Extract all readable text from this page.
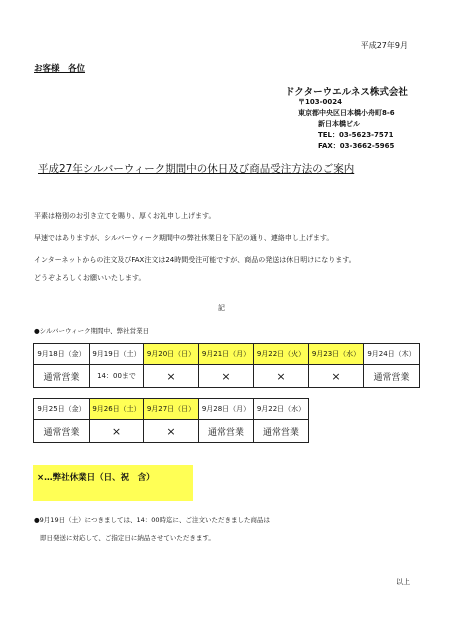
平成27年9月
お客様　各位
ドクターウエルネス株式会社
〒103-0024
東京都中央区日本橋小舟町8-6
新日本橋ビル
TEL：03-5623-7571
FAX：03-3662-5965
平成27年シルバーウィーク期間中の休日及び商品受注方法のご案内
平素は格別のお引き立てを賜り、厚くお礼申し上げます。
早速ではありますが、シルバーウィーク期間中の弊社休業日を下記の通り、連絡申し上げます。
インターネットからの注文及びFAX注文は24時間受注可能ですが、商品の発送は休日明けになります。
どうぞよろしくお願いいたします。
記
●シルバーウィーク期間中、弊社営業日
9月18日（金）	9月19日（土）	9月20日（日）	9月21日（月）	9月22日（火）	9月23日（水）	9月24日（木）
通常営業	14：00まで	×	×	×	×	通常営業
9月25日（金）	9月26日（土）	9月27日（日）	9月28日（月）	9月22日（水）
通常営業	×	×	通常営業	通常営業
×…弊社休業日（日、祝　含）
●9月19日（土）につきましては、14：00時迄に、ご注文いただきました商品は
即日発送に対応して、ご指定日に納品させていただきます。
以上
